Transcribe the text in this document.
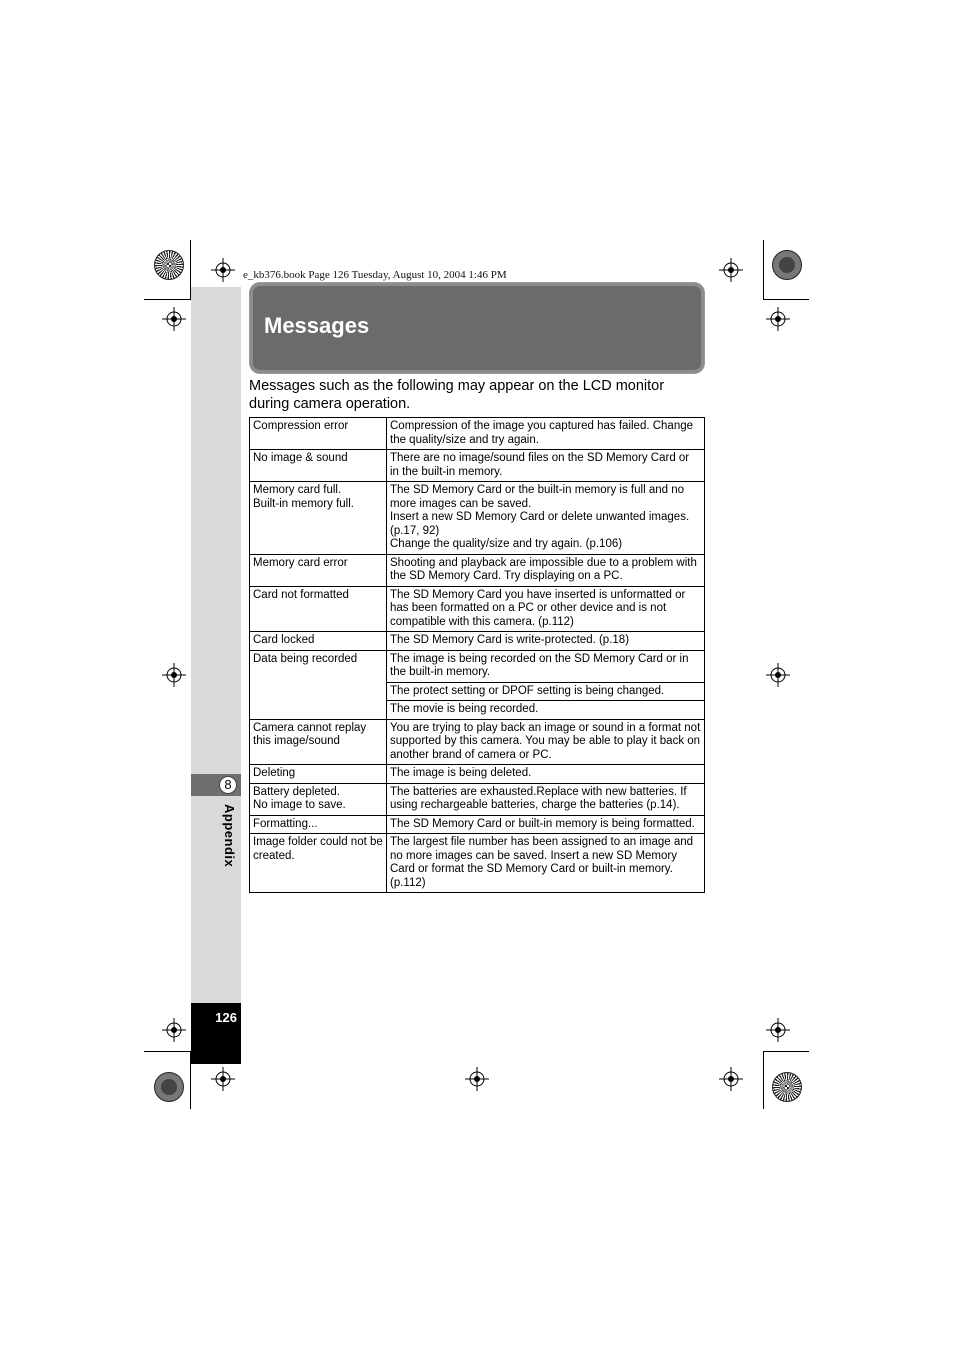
e_kb376.book Page 126 Tuesday, August 10, 2004 1:46 PM
8
Appendix
126
Messages
Messages such as the following may appear on the LCD monitor during camera operation.
Compression error	Compression of the image you captured has failed. Change the quality/size and try again.
No image & sound	There are no image/sound files on the SD Memory Card or in the built-in memory.
Memory card full.
Built-in memory full.	The SD Memory Card or the built-in memory is full and no more images can be saved.
Insert a new SD Memory Card or delete unwanted images. (p.17, 92)
Change the quality/size and try again. (p.106)
Memory card error	Shooting and playback are impossible due to a problem with the SD Memory Card. Try displaying on a PC.
Card not formatted	The SD Memory Card you have inserted is unformatted or has been formatted on a PC or other device and is not compatible with this camera. (p.112)
Card locked	The SD Memory Card is write-protected. (p.18)
Data being recorded	The image is being recorded on the SD Memory Card or in the built-in memory.
	The protect setting or DPOF setting is being changed.
	The movie is being recorded.
Camera cannot replay this image/sound	You are trying to play back an image or sound in a format not supported by this camera. You may be able to play it back on another brand of camera or PC.
Deleting	The image is being deleted.
Battery depleted.
No image to save.	The batteries are exhausted.Replace with new batteries. If using rechargeable batteries, charge the batteries (p.14).
Formatting...	The SD Memory Card or built-in memory is being formatted.
Image folder could not be created.	The largest file number has been assigned to an image and no more images can be saved. Insert a new SD Memory Card or format the SD Memory Card or built-in memory. (p.112)
